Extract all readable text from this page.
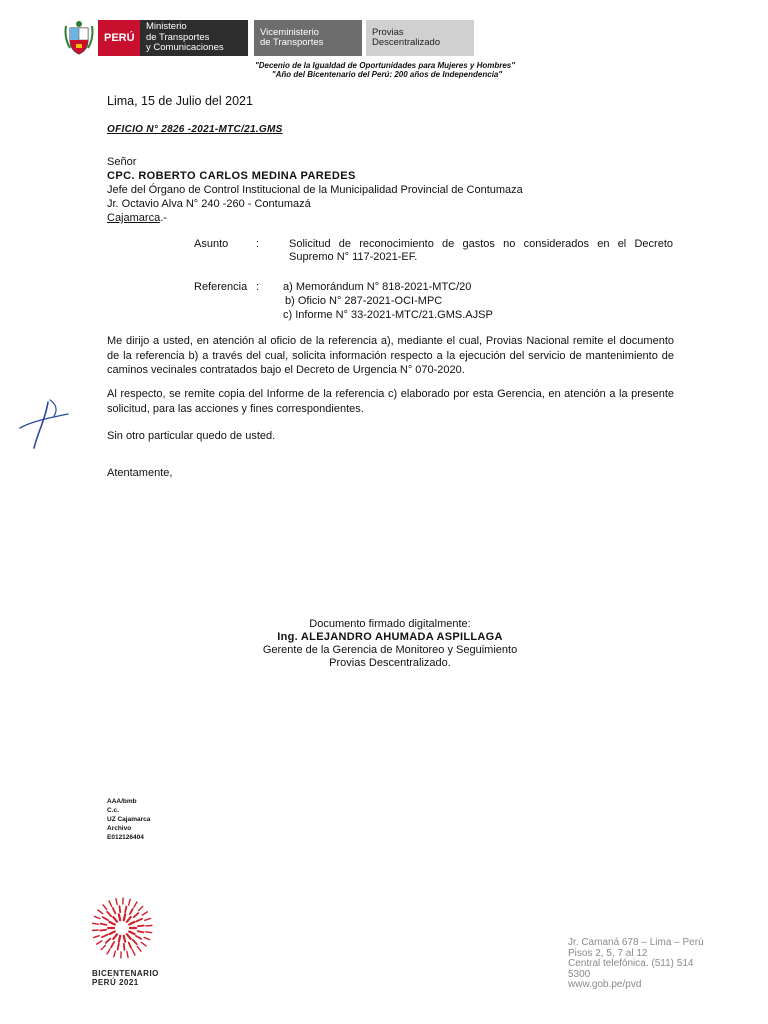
PERÚ
Ministerio
de Transportes
y Comunicaciones
Viceministerio
de Transportes
Provias
Descentralizado
"Decenio de la Igualdad de Oportunidades para Mujeres y Hombres"
"Año del Bicentenario del Perú: 200 años de Independencia"
Lima, 15 de Julio del 2021
OFICIO N° 2826 -2021-MTC/21.GMS
Señor
CPC. ROBERTO CARLOS MEDINA PAREDES
Jefe del Órgano de Control Institucional de la Municipalidad Provincial de Contumaza
Jr. Octavio Alva N° 240 -260 - Contumazá
Cajamarca.-
Asunto	:	Solicitud de reconocimiento de gastos no considerados en el Decreto Supremo N° 117-2021-EF.
Referencia : a) Memorándum N° 818-2021-MTC/20
b) Oficio N° 287-2021-OCI-MPC
c) Informe N° 33-2021-MTC/21.GMS.AJSP
Me dirijo a usted, en atención al oficio de la referencia a), mediante el cual, Provias Nacional remite el documento de la referencia b) a través del cual, solicita información respecto a la ejecución del servicio de mantenimiento de caminos vecinales contratados bajo el Decreto de Urgencia N° 070-2020.
Al respecto, se remite copia del Informe de la referencia c) elaborado por esta Gerencia, en atención a la presente solicitud, para las acciones y fines correspondientes.
Sin otro particular quedo de usted.
Atentamente,
Documento firmado digitalmente:
Ing. ALEJANDRO AHUMADA ASPILLAGA
Gerente de la Gerencia de Monitoreo y Seguimiento
Provias Descentralizado.
AAA/bmb
C.c.
UZ Cajamarca
Archivo
E012126404
BICENTENARIO
PERÚ 2021
Jr. Camaná 678 – Lima – Perú
Pisos 2, 5, 7 al 12
Central telefónica. (511) 514
5300
www.gob.pe/pvd
